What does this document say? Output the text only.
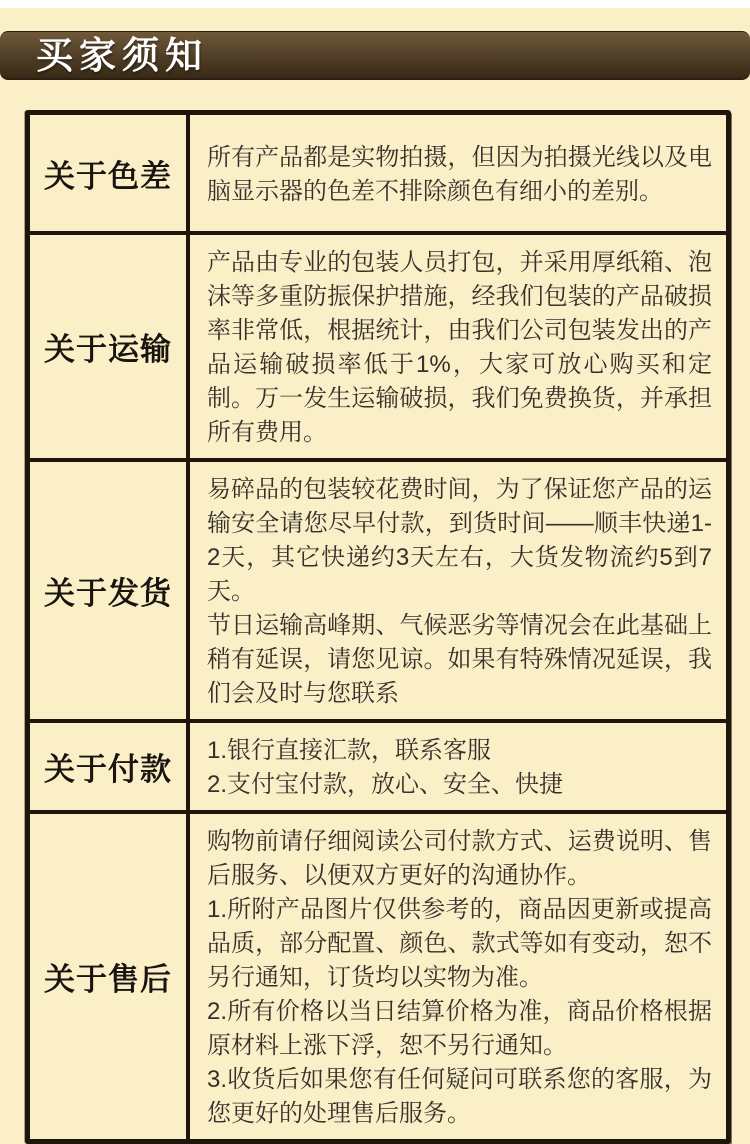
买家须知
关于色差

所有产品都是实物拍摄，但因为拍摄光线以及电脑显示器的色差不排除颜色有细小的差别。

关于运输

产品由专业的包装人员打包，并采用厚纸箱、泡沫等多重防振保护措施，经我们包装的产品破损率非常低，根据统计，由我们公司包装发出的产品运输破损率低于1%，大家可放心购买和定制。万一发生运输破损，我们免费换货，并承担所有费用。

关于发货

易碎品的包装较花费时间，为了保证您产品的运输安全请您尽早付款，到货时间——顺丰快递1-2天，其它快递约3天左右，大货发物流约5到7天。

节日运输高峰期、气候恶劣等情况会在此基础上稍有延误，请您见谅。如果有特殊情况延误，我们会及时与您联系

关于付款

1.银行直接汇款，联系客服

2.支付宝付款，放心、安全、快捷

关于售后

购物前请仔细阅读公司付款方式、运费说明、售后服务、以便双方更好的沟通协作。

1.所附产品图片仅供参考的，商品因更新或提高品质，部分配置、颜色、款式等如有变动，恕不另行通知，订货均以实物为准。

2.所有价格以当日结算价格为准，商品价格根据原材料上涨下浮，恕不另行通知。

3.收货后如果您有任何疑问可联系您的客服，为您更好的处理售后服务。
